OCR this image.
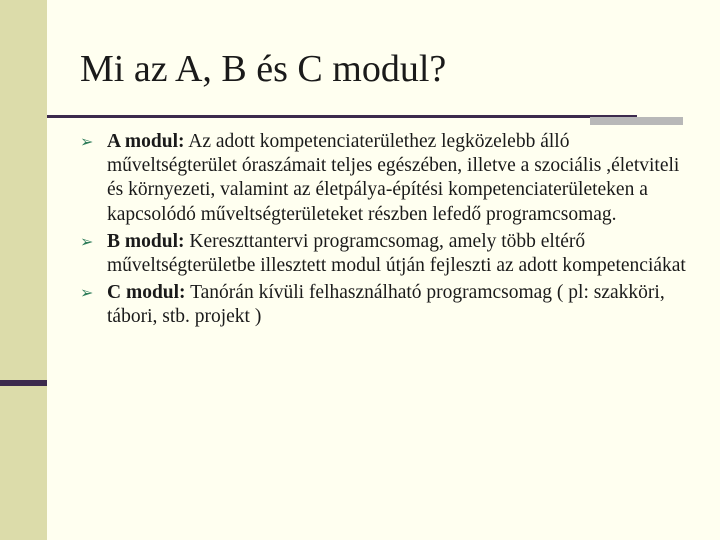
Mi az A, B és C modul?
➢ A modul: Az adott kompetenciaterülethez legközelebb álló műveltségterület óraszámait teljes egészében, illetve a szociális ,életviteli és környezeti, valamint az életpálya-építési kompetenciaterületeken a kapcsolódó műveltségterületeket részben lefedő programcsomag.
➢ B modul: Kereszttantervi programcsomag, amely több eltérő műveltségterületbe illesztett modul útján fejleszti az adott kompetenciákat
➢ C modul: Tanórán kívüli felhasználható programcsomag ( pl: szakköri, tábori, stb. projekt )
